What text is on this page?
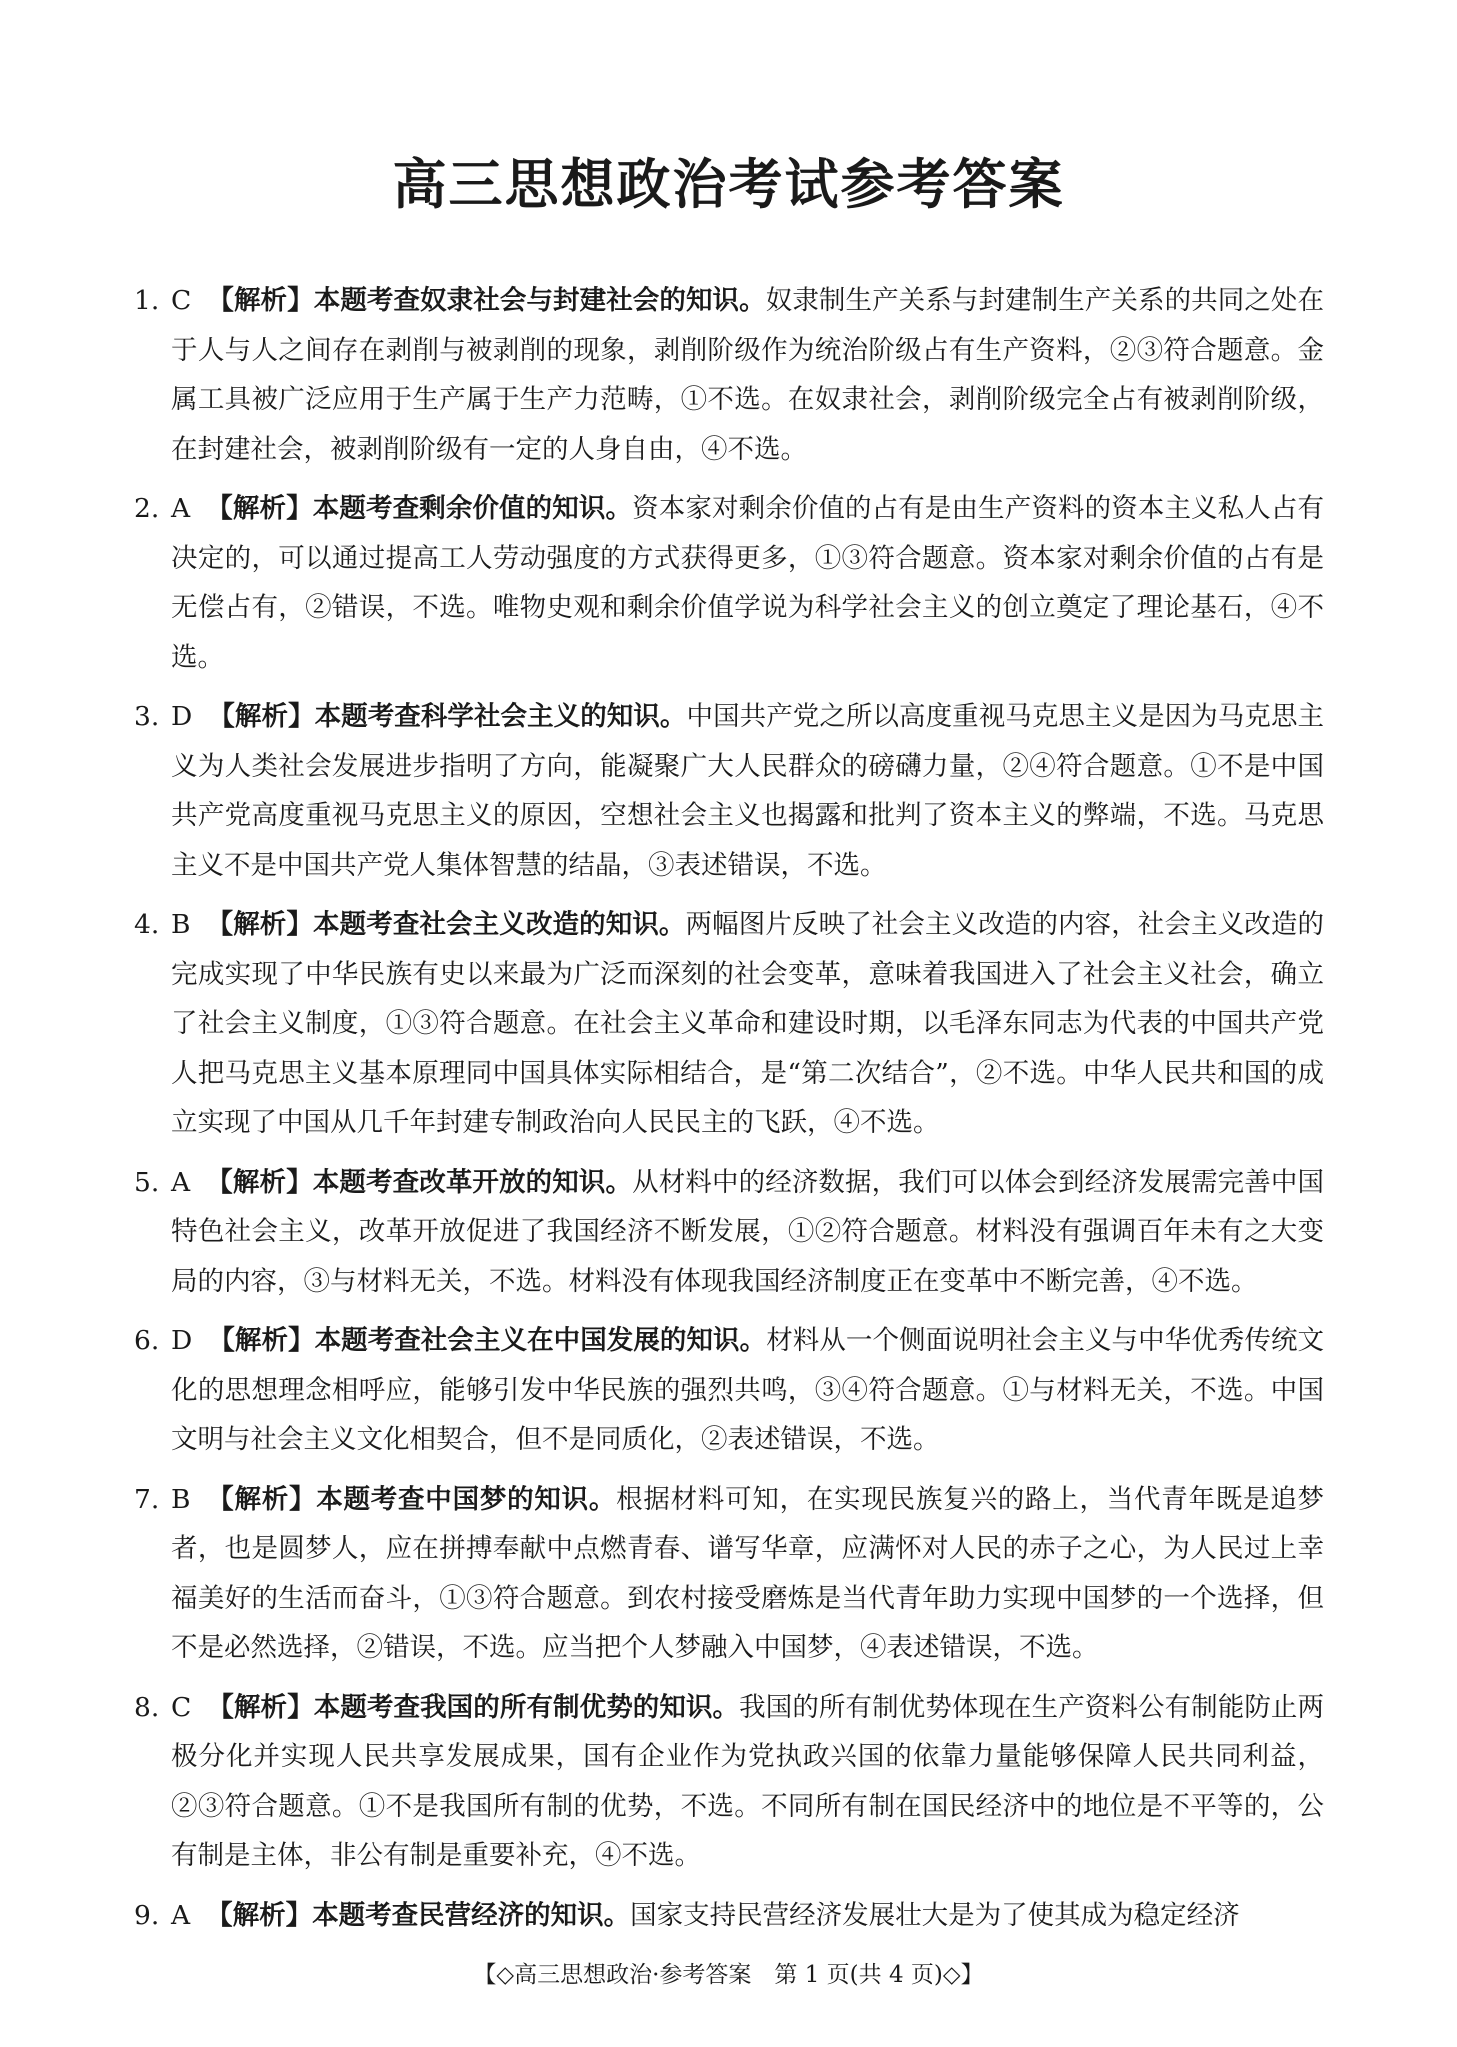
高三思想政治考试参考答案
1. C 【解析】本题考查奴隶社会与封建社会的知识。奴隶制生产关系与封建制生产关系的共同之处在于人与人之间存在剥削与被剥削的现象，剥削阶级作为统治阶级占有生产资料，②③符合题意。金属工具被广泛应用于生产属于生产力范畴，①不选。在奴隶社会，剥削阶级完全占有被剥削阶级，在封建社会，被剥削阶级有一定的人身自由，④不选。
2. A 【解析】本题考查剩余价值的知识。资本家对剩余价值的占有是由生产资料的资本主义私人占有决定的，可以通过提高工人劳动强度的方式获得更多，①③符合题意。资本家对剩余价值的占有是无偿占有，②错误，不选。唯物史观和剩余价值学说为科学社会主义的创立奠定了理论基石，④不选。
3. D 【解析】本题考查科学社会主义的知识。中国共产党之所以高度重视马克思主义是因为马克思主义为人类社会发展进步指明了方向，能凝聚广大人民群众的磅礴力量，②④符合题意。①不是中国共产党高度重视马克思主义的原因，空想社会主义也揭露和批判了资本主义的弊端，不选。马克思主义不是中国共产党人集体智慧的结晶，③表述错误，不选。
4. B 【解析】本题考查社会主义改造的知识。两幅图片反映了社会主义改造的内容，社会主义改造的完成实现了中华民族有史以来最为广泛而深刻的社会变革，意味着我国进入了社会主义社会，确立了社会主义制度，①③符合题意。在社会主义革命和建设时期，以毛泽东同志为代表的中国共产党人把马克思主义基本原理同中国具体实际相结合，是“第二次结合”，②不选。中华人民共和国的成立实现了中国从几千年封建专制政治向人民民主的飞跃，④不选。
5. A 【解析】本题考查改革开放的知识。从材料中的经济数据，我们可以体会到经济发展需完善中国特色社会主义，改革开放促进了我国经济不断发展，①②符合题意。材料没有强调百年未有之大变局的内容，③与材料无关，不选。材料没有体现我国经济制度正在变革中不断完善，④不选。
6. D 【解析】本题考查社会主义在中国发展的知识。材料从一个侧面说明社会主义与中华优秀传统文化的思想理念相呼应，能够引发中华民族的强烈共鸣，③④符合题意。①与材料无关，不选。中国文明与社会主义文化相契合，但不是同质化，②表述错误，不选。
7. B 【解析】本题考查中国梦的知识。根据材料可知，在实现民族复兴的路上，当代青年既是追梦者，也是圆梦人，应在拼搏奉献中点燃青春、谱写华章，应满怀对人民的赤子之心，为人民过上幸福美好的生活而奋斗，①③符合题意。到农村接受磨炼是当代青年助力实现中国梦的一个选择，但不是必然选择，②错误，不选。应当把个人梦融入中国梦，④表述错误，不选。
8. C 【解析】本题考查我国的所有制优势的知识。我国的所有制优势体现在生产资料公有制能防止两极分化并实现人民共享发展成果，国有企业作为党执政兴国的依靠力量能够保障人民共同利益，②③符合题意。①不是我国所有制的优势，不选。不同所有制在国民经济中的地位是不平等的，公有制是主体，非公有制是重要补充，④不选。
9. A 【解析】本题考查民营经济的知识。国家支持民营经济发展壮大是为了使其成为稳定经济
【◇高三思想政治·参考答案　第 1 页(共 4 页)◇】
